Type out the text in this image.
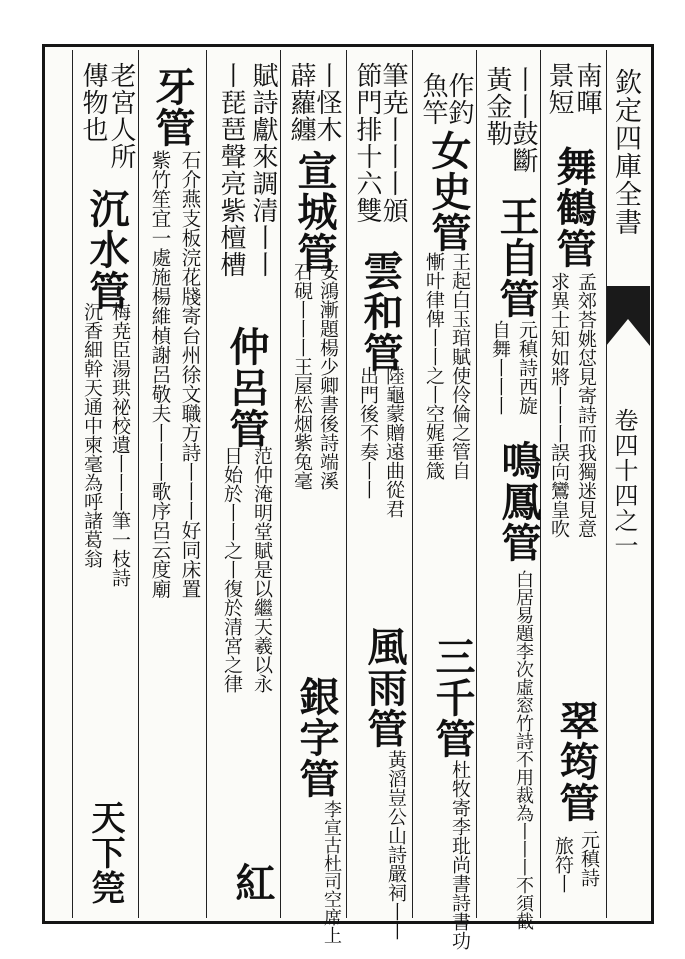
欽定四庫全書
卷四十四之一
南暉
景短
舞鶴管
孟郊荅姚怤見寄詩而我獨迷見意
求異士知如將丨丨丨誤向鸞皇吹
翠筠管
元稹詩
旅符丨
丨丨鼓斷
黃金勒
王自管
元稹詩西旋
自舞丨丨丨
鳴鳳管
白居易題李次虛窓竹詩不用裁為丨丨丨不須截
作釣
魚竿
女史管
王起白玉琯賦使伶倫之管自
慚叶律俾丨丨之丨空娓垂箴
三千管
杜牧寄李玭尚書詩書功
筆尭丨丨丨頒
節門排十六雙
雲和管
陸龜蒙贈遠曲從君
出門後不奏丨丨
風雨管
黃滔豈公山詩嚴祠丨丨
丨怪木
薜蘿纏
宣城管
安鴻漸題楊少卿書後詩端溪
石硯丨丨丨王屋松烟紫兔毫
銀字管
李宣古杜司空席上
賦詩獻來調清丨丨
丨琵琶聲亮紫檀槽
仲呂管
范仲淹明堂賦是以繼天羲以永
日始於丨丨之丨復於清宮之律
紅
牙管
石介燕支板浣花牋寄台州徐文職方詩丨丨丨好同床置
紫竹笙宜一處施楊維楨謝呂敬夫丨丨丨歌序呂云度廟
老宮人所
傳物也
沉水管
梅尭臣湯珙祕校遺丨丨丨筆一枝詩
沉香細幹天通中柬毫為呼諸葛翁
天下筦
